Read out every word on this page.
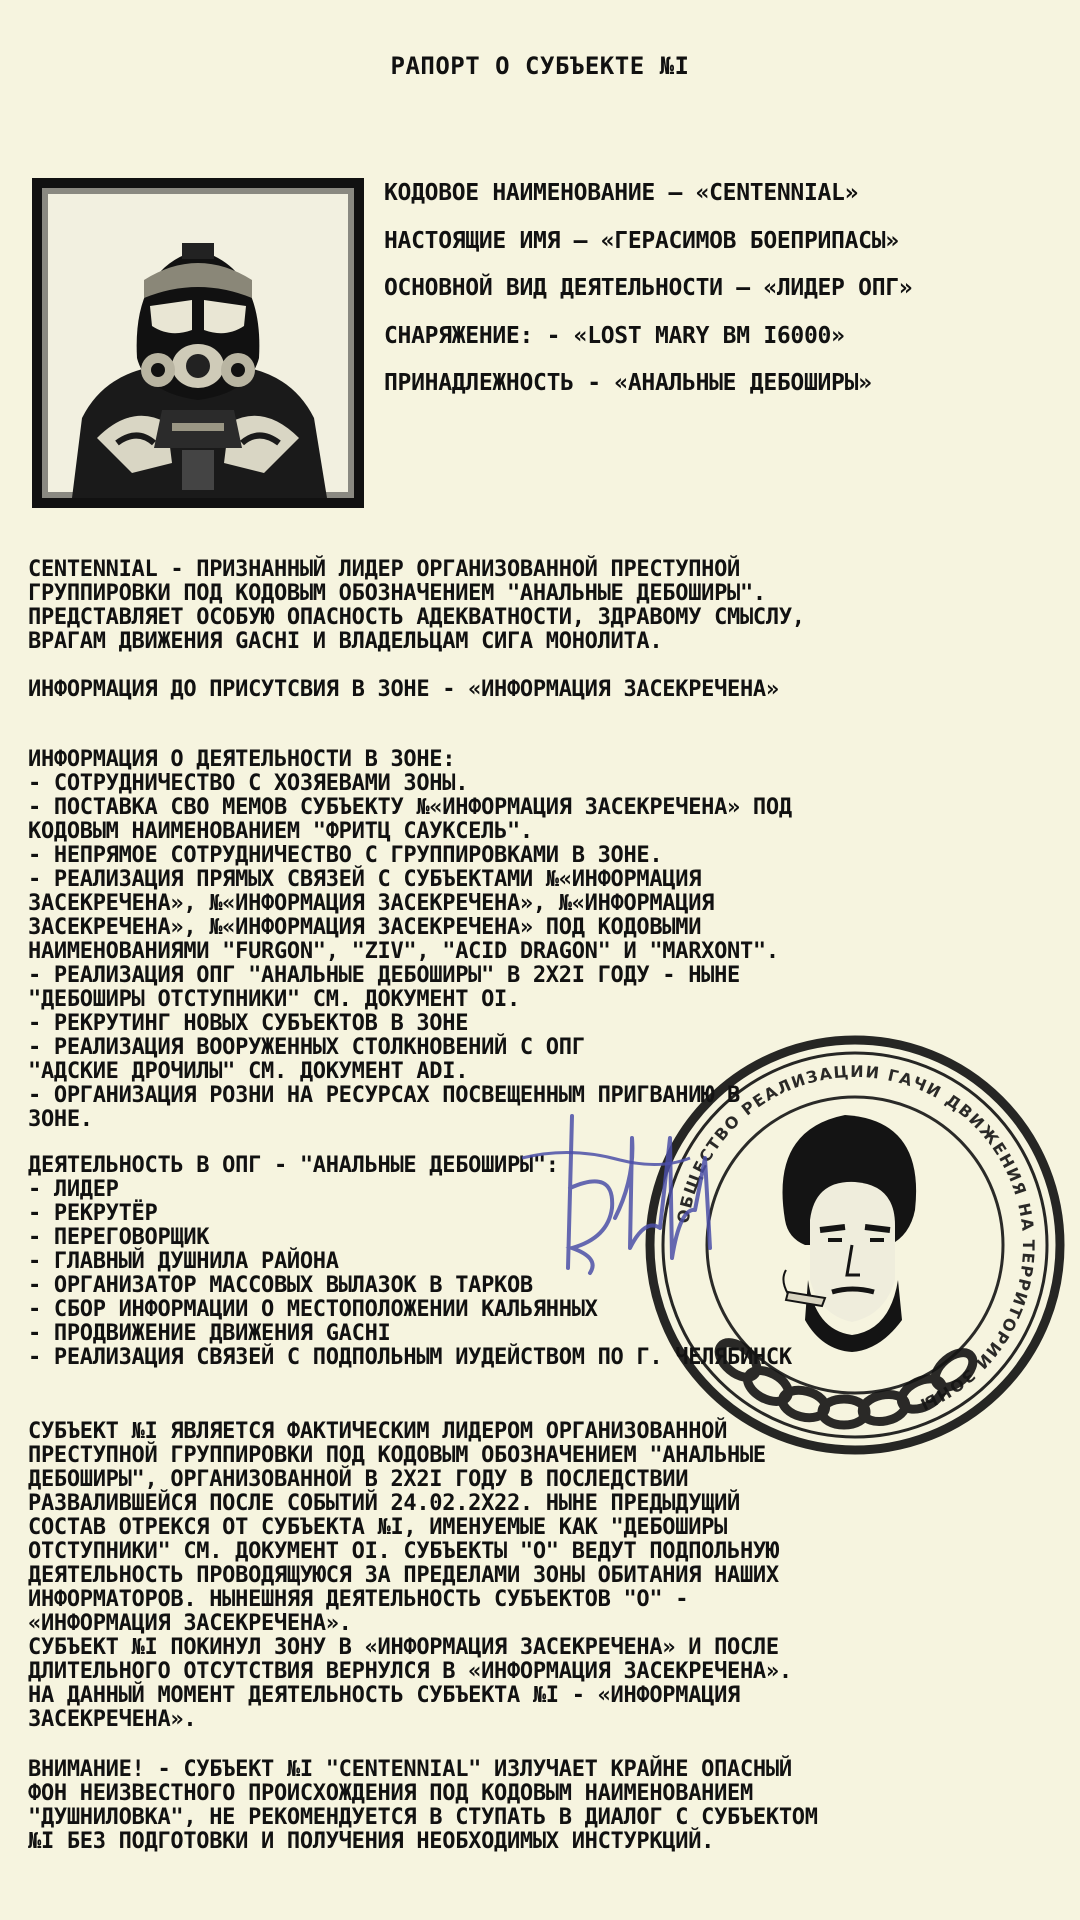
РАПОРТ О СУБЪЕКТЕ №I
КОДОВОЕ НАИМЕНОВАНИЕ — «CENTENNIAL»
НАСТОЯЩИЕ ИМЯ — «ГЕРАСИМОВ БОЕПРИПАСЫ»
ОСНОВНОЙ ВИД ДЕЯТЕЛЬНОСТИ — «ЛИДЕР ОПГ»
СНАРЯЖЕНИЕ: - «LOST MARY BM I6000»
ПРИНАДЛЕЖНОСТЬ - «АНАЛЬНЫЕ ДЕБОШИРЫ»
CENTENNIAL - ПРИЗНАННЫЙ ЛИДЕР ОРГАНИЗОВАННОЙ ПРЕСТУПНОЙ
ГРУППИРОВКИ ПОД КОДОВЫМ ОБОЗНАЧЕНИЕМ "АНАЛЬНЫЕ ДЕБОШИРЫ".
ПРЕДСТАВЛЯЕТ ОСОБУЮ ОПАСНОСТЬ АДЕКВАТНОСТИ, ЗДРАВОМУ СМЫСЛУ,
ВРАГАМ ДВИЖЕНИЯ GACHI И ВЛАДЕЛЬЦАМ СИГА МОНОЛИТА.
ИНФОРМАЦИЯ ДО ПРИСУТСВИЯ В ЗОНЕ - «ИНФОРМАЦИЯ ЗАСЕКРЕЧЕНА»
ИНФОРМАЦИЯ О ДЕЯТЕЛЬНОСТИ В ЗОНЕ:
- СОТРУДНИЧЕСТВО С ХОЗЯЕВАМИ ЗОНЫ.
- ПОСТАВКА СВО МЕМОВ СУБЪЕКТУ №«ИНФОРМАЦИЯ ЗАСЕКРЕЧЕНА» ПОД
КОДОВЫМ НАИМЕНОВАНИЕМ "ФРИТЦ САУКСЕЛЬ".
- НЕПРЯМОЕ СОТРУДНИЧЕСТВО С ГРУППИРОВКАМИ В ЗОНЕ.
- РЕАЛИЗАЦИЯ ПРЯМЫХ СВЯЗЕЙ С СУБЪЕКТАМИ №«ИНФОРМАЦИЯ
ЗАСЕКРЕЧЕНА», №«ИНФОРМАЦИЯ ЗАСЕКРЕЧЕНА», №«ИНФОРМАЦИЯ
ЗАСЕКРЕЧЕНА», №«ИНФОРМАЦИЯ ЗАСЕКРЕЧЕНА» ПОД КОДОВЫМИ
НАИМЕНОВАНИЯМИ "FURGON", "ZIV", "ACID DRAGON" И "MARXONT".
- РЕАЛИЗАЦИЯ ОПГ "АНАЛЬНЫЕ ДЕБОШИРЫ" В 2X2I ГОДУ - НЫНЕ
"ДЕБОШИРЫ ОТСТУПНИКИ" СМ. ДОКУМЕНТ OI.
- РЕКРУТИНГ НОВЫХ СУБЪЕКТОВ В ЗОНЕ
- РЕАЛИЗАЦИЯ ВООРУЖЕННЫХ СТОЛКНОВЕНИЙ С ОПГ
"АДСКИЕ ДРОЧИЛЫ" СМ. ДОКУМЕНТ ADI.
- ОРГАНИЗАЦИЯ РОЗНИ НА РЕСУРСАХ ПОСВЕЩЕННЫМ ПРИГВАНИЮ В
ЗОНЕ.
ДЕЯТЕЛЬНОСТЬ В ОПГ - "АНАЛЬНЫЕ ДЕБОШИРЫ":
- ЛИДЕР
- РЕКРУТЁР
- ПЕРЕГОВОРЩИК
- ГЛАВНЫЙ ДУШНИЛА РАЙОНА
- ОРГАНИЗАТОР МАССОВЫХ ВЫЛАЗОК В ТАРКОВ
- СБОР ИНФОРМАЦИИ О МЕСТОПОЛОЖЕНИИ КАЛЬЯННЫХ
- ПРОДВИЖЕНИЕ ДВИЖЕНИЯ GACHI
- РЕАЛИЗАЦИЯ СВЯЗЕЙ С ПОДПОЛЬНЫМ ИУДЕЙСТВОМ ПО Г. ЧЕЛЯБИНСК
СУБЪЕКТ №I ЯВЛЯЕТСЯ ФАКТИЧЕСКИМ ЛИДЕРОМ ОРГАНИЗОВАННОЙ
ПРЕСТУПНОЙ ГРУППИРОВКИ ПОД КОДОВЫМ ОБОЗНАЧЕНИЕМ "АНАЛЬНЫЕ
ДЕБОШИРЫ", ОРГАНИЗОВАННОЙ В 2X2I ГОДУ В ПОСЛЕДСТВИИ
РАЗВАЛИВШЕЙСЯ ПОСЛЕ СОБЫТИЙ 24.02.2X22. НЫНЕ ПРЕДЫДУЩИЙ
СОСТАВ ОТРЕКСЯ ОТ СУБЪЕКТА №I, ИМЕНУЕМЫЕ КАК "ДЕБОШИРЫ
ОТСТУПНИКИ" СМ. ДОКУМЕНТ OI. СУБЪЕКТЫ "O" ВЕДУТ ПОДПОЛЬНУЮ
ДЕЯТЕЛЬНОСТЬ ПРОВОДЯЩУЮСЯ ЗА ПРЕДЕЛАМИ ЗОНЫ ОБИТАНИЯ НАШИХ
ИНФОРМАТОРОВ. НЫНЕШНЯЯ ДЕЯТЕЛЬНОСТЬ СУБЪЕКТОВ "O" -
«ИНФОРМАЦИЯ ЗАСЕКРЕЧЕНА».
СУБЪЕКТ №I ПОКИНУЛ ЗОНУ В «ИНФОРМАЦИЯ ЗАСЕКРЕЧЕНА» И ПОСЛЕ
ДЛИТЕЛЬНОГО ОТСУТСТВИЯ ВЕРНУЛСЯ В «ИНФОРМАЦИЯ ЗАСЕКРЕЧЕНА».
НА ДАННЫЙ МОМЕНТ ДЕЯТЕЛЬНОСТЬ СУБЪЕКТА №I - «ИНФОРМАЦИЯ
ЗАСЕКРЕЧЕНА».
ВНИМАНИЕ! - СУБЪЕКТ №I "CENTENNIAL" ИЗЛУЧАЕТ КРАЙНЕ ОПАСНЫЙ
ФОН НЕИЗВЕСТНОГО ПРОИСХОЖДЕНИЯ ПОД КОДОВЫМ НАИМЕНОВАНИЕМ
"ДУШНИЛОВКА", НЕ РЕКОМЕНДУЕТСЯ В СТУПАТЬ В ДИАЛОГ С СУБЪЕКТОМ
№I БЕЗ ПОДГОТОВКИ И ПОЛУЧЕНИЯ НЕОБХОДИМЫХ ИНСТУРКЦИЙ.
ОБЩЕСТВО РЕАЛИЗАЦИИ ГАЧИ ДВИЖЕНИЯ НА ТЕРРИТОРИИ ЗОНЫ
